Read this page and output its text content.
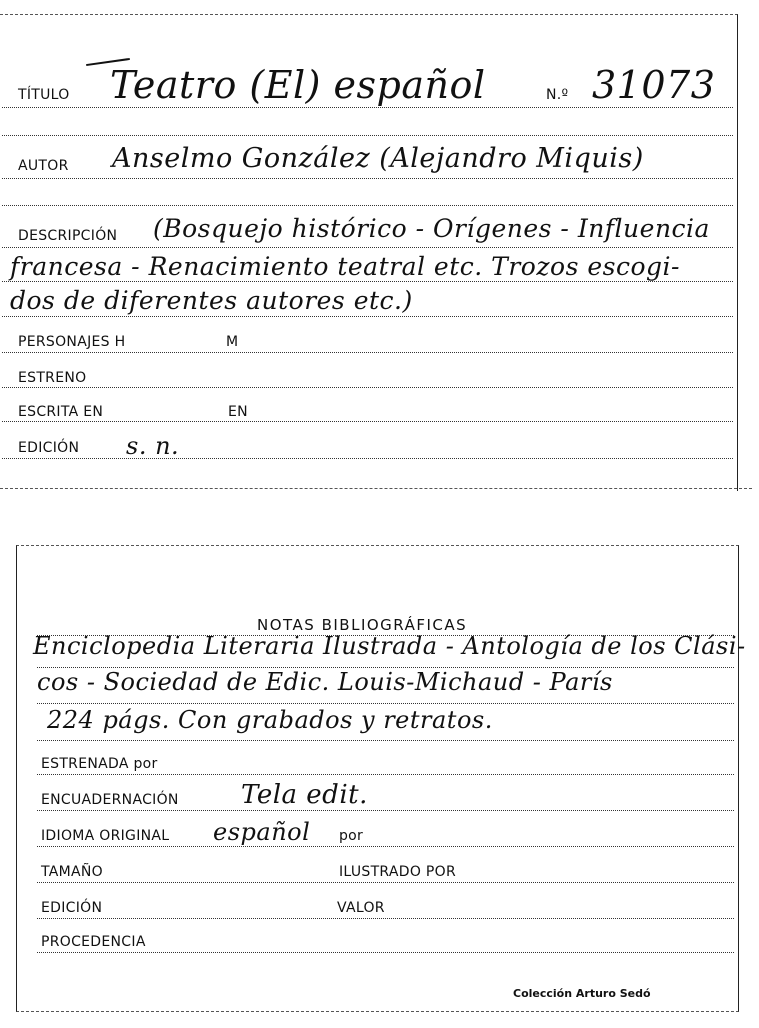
TÍTULO Teatro (El) español	N.º 31073
AUTOR Anselmo González (Alejandro Miquis)
DESCRIPCIÓN (Bosquejo histórico - Orígenes - Influencia
francesa - Renacimiento teatral etc. Trozos escogi-
dos de diferentes autores etc.)
PERSONAJES H	M
ESTRENO
ESCRITA EN	EN
EDICIÓN s. n.
NOTAS BIBLIOGRÁFICAS
Enciclopedia Literaria Ilustrada - Antología de los Clási-
cos - Sociedad de Edic. Louis-Michaud - París
224 págs. Con grabados y retratos.
ESTRENADA por
ENCUADERNACIÓN Tela edit.
IDIOMA ORIGINAL español por
TAMAÑO	ILUSTRADO POR
EDICIÓN	VALOR
PROCEDENCIA
Colección Arturo Sedó
